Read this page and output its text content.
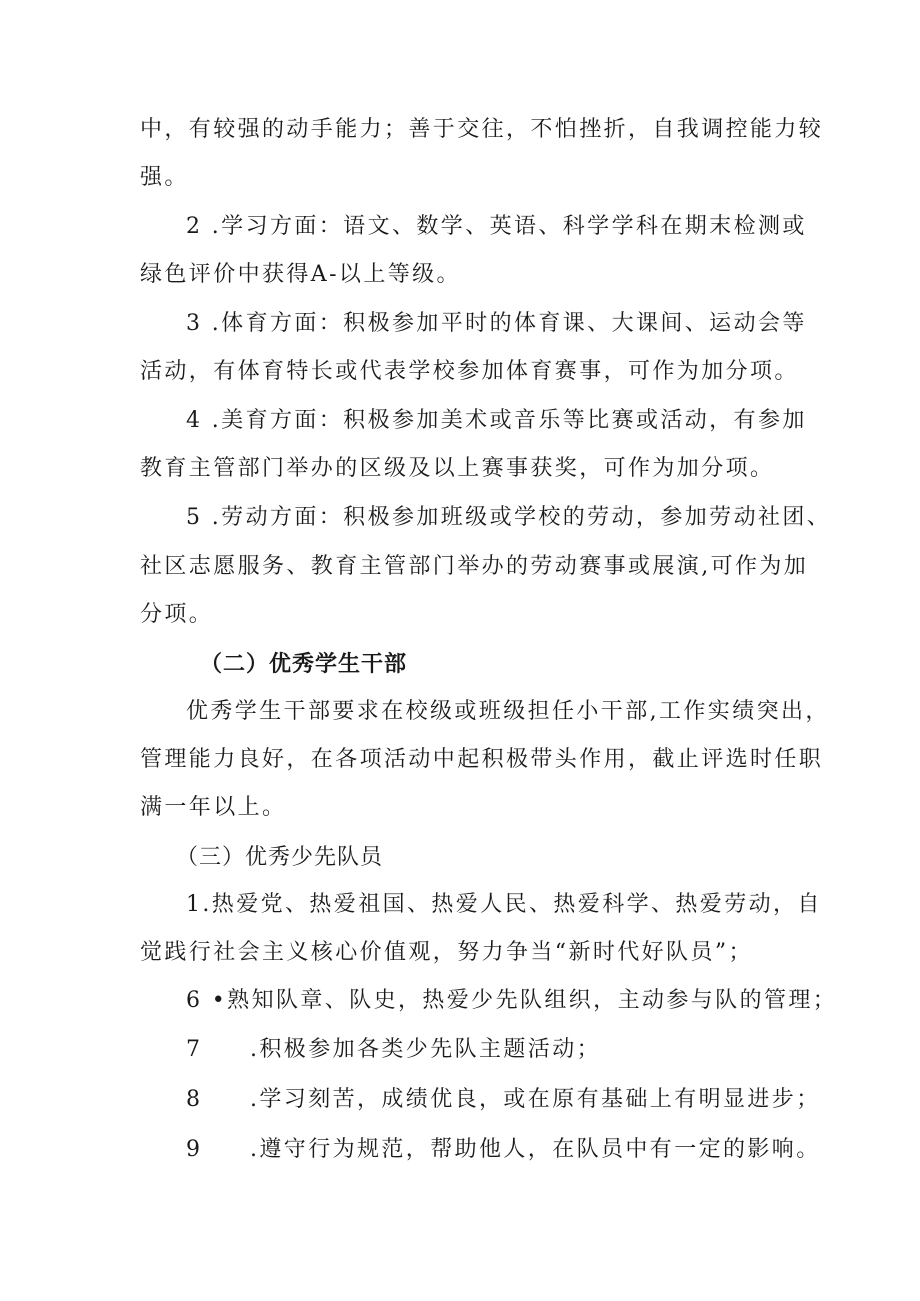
中，有较强的动手能力；善于交往，不怕挫折，自我调控能力较
强。
2 .学习方面：语文、数学、英语、科学学科在期末检测或
绿色评价中获得A-以上等级。
3 .体育方面：积极参加平时的体育课、大课间、运动会等
活动，有体育特长或代表学校参加体育赛事，可作为加分项。
4 .美育方面：积极参加美术或音乐等比赛或活动，有参加
教育主管部门举办的区级及以上赛事获奖，可作为加分项。
5 .劳动方面：积极参加班级或学校的劳动，参加劳动社团、
社区志愿服务、教育主管部门举办的劳动赛事或展演,可作为加
分项。
（二）优秀学生干部
优秀学生干部要求在校级或班级担任小干部,工作实绩突出，
管理能力良好，在各项活动中起积极带头作用，截止评选时任职
满一年以上。
（三）优秀少先队员
1.热爱党、热爱祖国、热爱人民、热爱科学、热爱劳动，自
觉践行社会主义核心价值观，努力争当“新时代好队员”；
6 •熟知队章、队史，热爱少先队组织，主动参与队的管理；
7 .积极参加各类少先队主题活动；
8 .学习刻苦，成绩优良，或在原有基础上有明显进步；
9 .遵守行为规范，帮助他人，在队员中有一定的影响。
